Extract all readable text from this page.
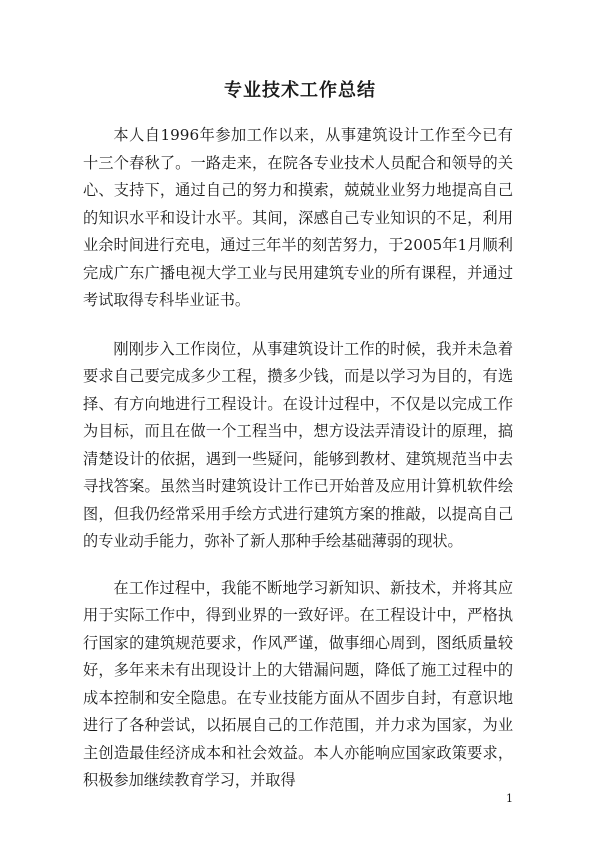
专业技术工作总结

本人自1996年参加工作以来，从事建筑设计工作至今已有十三个春秋了。一路走来，在院各专业技术人员配合和领导的关心、支持下，通过自己的努力和摸索，兢兢业业努力地提高自己的知识水平和设计水平。其间，深感自己专业知识的不足，利用业余时间进行充电，通过三年半的刻苦努力，于2005年1月顺利完成广东广播电视大学工业与民用建筑专业的所有课程，并通过考试取得专科毕业证书。

刚刚步入工作岗位，从事建筑设计工作的时候，我并未急着要求自己要完成多少工程，攒多少钱，而是以学习为目的，有选择、有方向地进行工程设计。在设计过程中，不仅是以完成工作为目标，而且在做一个工程当中，想方设法弄清设计的原理，搞清楚设计的依据，遇到一些疑问，能够到教材、建筑规范当中去寻找答案。虽然当时建筑设计工作已开始普及应用计算机软件绘图，但我仍经常采用手绘方式进行建筑方案的推敲，以提高自己的专业动手能力，弥补了新人那种手绘基础薄弱的现状。

在工作过程中，我能不断地学习新知识、新技术，并将其应用于实际工作中，得到业界的一致好评。在工程设计中，严格执行国家的建筑规范要求，作风严谨，做事细心周到，图纸质量较好，多年来未有出现设计上的大错漏问题，降低了施工过程中的成本控制和安全隐患。在专业技能方面从不固步自封，有意识地进行了各种尝试，以拓展自己的工作范围，并力求为国家，为业主创造最佳经济成本和社会效益。本人亦能响应国家政策要求，积极参加继续教育学习，并取得

1
